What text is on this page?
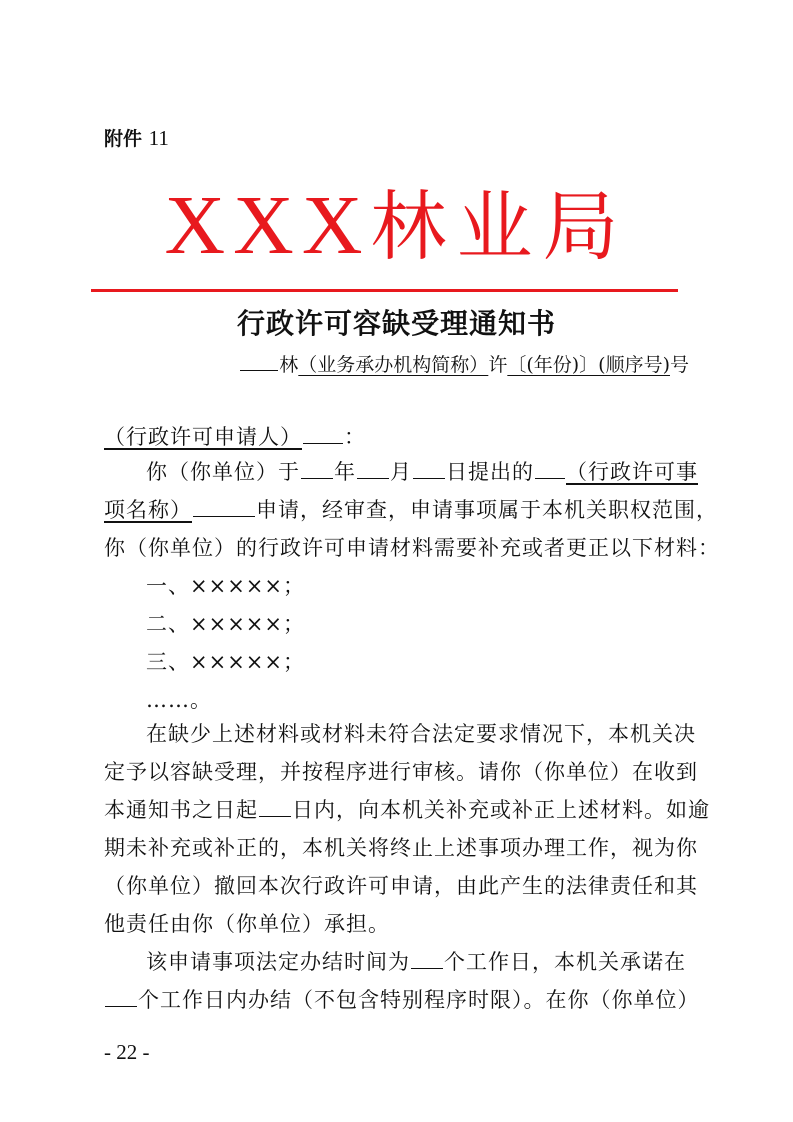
附件 11
XXX林业局
行政许可容缺受理通知书
林（业务承办机构简称）许〔(年份)〕(顺序号)号
（行政许可申请人） ：
你（你单位）于 年 月 日提出的 （行政许可事
项名称）	申请，经审查，申请事项属于本机关职权范围，
你（你单位）的行政许可申请材料需要补充或者更正以下材料：
一、×××××；
二、×××××；
三、×××××；
……。
在缺少上述材料或材料未符合法定要求情况下，本机关决
定予以容缺受理，并按程序进行审核。请你（你单位）在收到
本通知书之日起 日内，向本机关补充或补正上述材料。如逾
期未补充或补正的，本机关将终止上述事项办理工作，视为你
（你单位）撤回本次行政许可申请，由此产生的法律责任和其
他责任由你（你单位）承担。
该申请事项法定办结时间为 个工作日，本机关承诺在
个工作日内办结（不包含特别程序时限）。在你（你单位）
- 22 -
